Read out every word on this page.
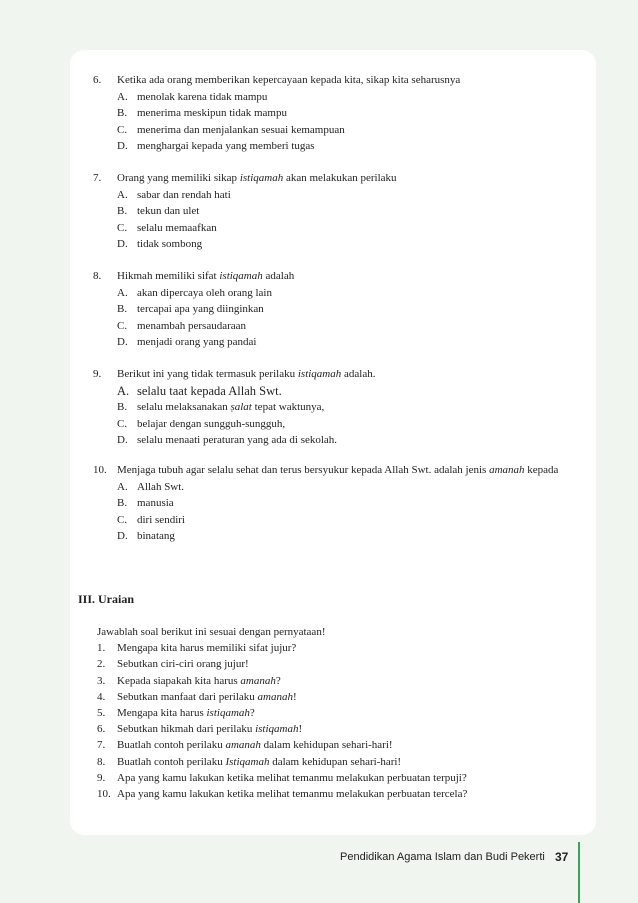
6.	Ketika ada orang memberikan kepercayaan kepada kita, sikap kita seharusnya
A. menolak karena tidak mampu
B. menerima meskipun tidak mampu
C. menerima dan menjalankan sesuai kemampuan
D. menghargai kepada yang memberi tugas
7.	Orang yang memiliki sikap istiqamah akan melakukan perilaku
A. sabar dan rendah hati
B. tekun dan ulet
C. selalu memaafkan
D. tidak sombong
8.	Hikmah memiliki sifat istiqamah adalah
A. akan dipercaya oleh orang lain
B. tercapai apa yang diinginkan
C. menambah persaudaraan
D. menjadi orang yang pandai
9.	Berikut ini yang tidak termasuk perilaku istiqamah adalah.
A. selalu taat kepada Allah Swt.
B. selalu melaksanakan ṣalat tepat waktunya,
C. belajar dengan sungguh-sungguh,
D. selalu menaati peraturan yang ada di sekolah.
10. Menjaga tubuh agar selalu sehat dan terus bersyukur kepada Allah Swt. adalah jenis amanah kepada
A. Allah Swt.
B. manusia
C. diri sendiri
D. binatang
III. Uraian
Jawablah soal berikut ini sesuai dengan pernyataan!
1.	Mengapa kita harus memiliki sifat jujur?
2.	Sebutkan ciri-ciri orang jujur!
3.	Kepada siapakah kita harus amanah?
4.	Sebutkan manfaat dari perilaku amanah!
5.	Mengapa kita harus istiqamah?
6.	Sebutkan hikmah dari perilaku istiqamah!
7.	Buatlah contoh perilaku amanah dalam kehidupan sehari-hari!
8.	Buatlah contoh perilaku Istiqamah dalam kehidupan sehari-hari!
9.	Apa yang kamu lakukan ketika melihat temanmu melakukan perbuatan terpuji?
10. Apa yang kamu lakukan ketika melihat temanmu melakukan perbuatan tercela?
Pendidikan Agama Islam dan Budi Pekerti 37
